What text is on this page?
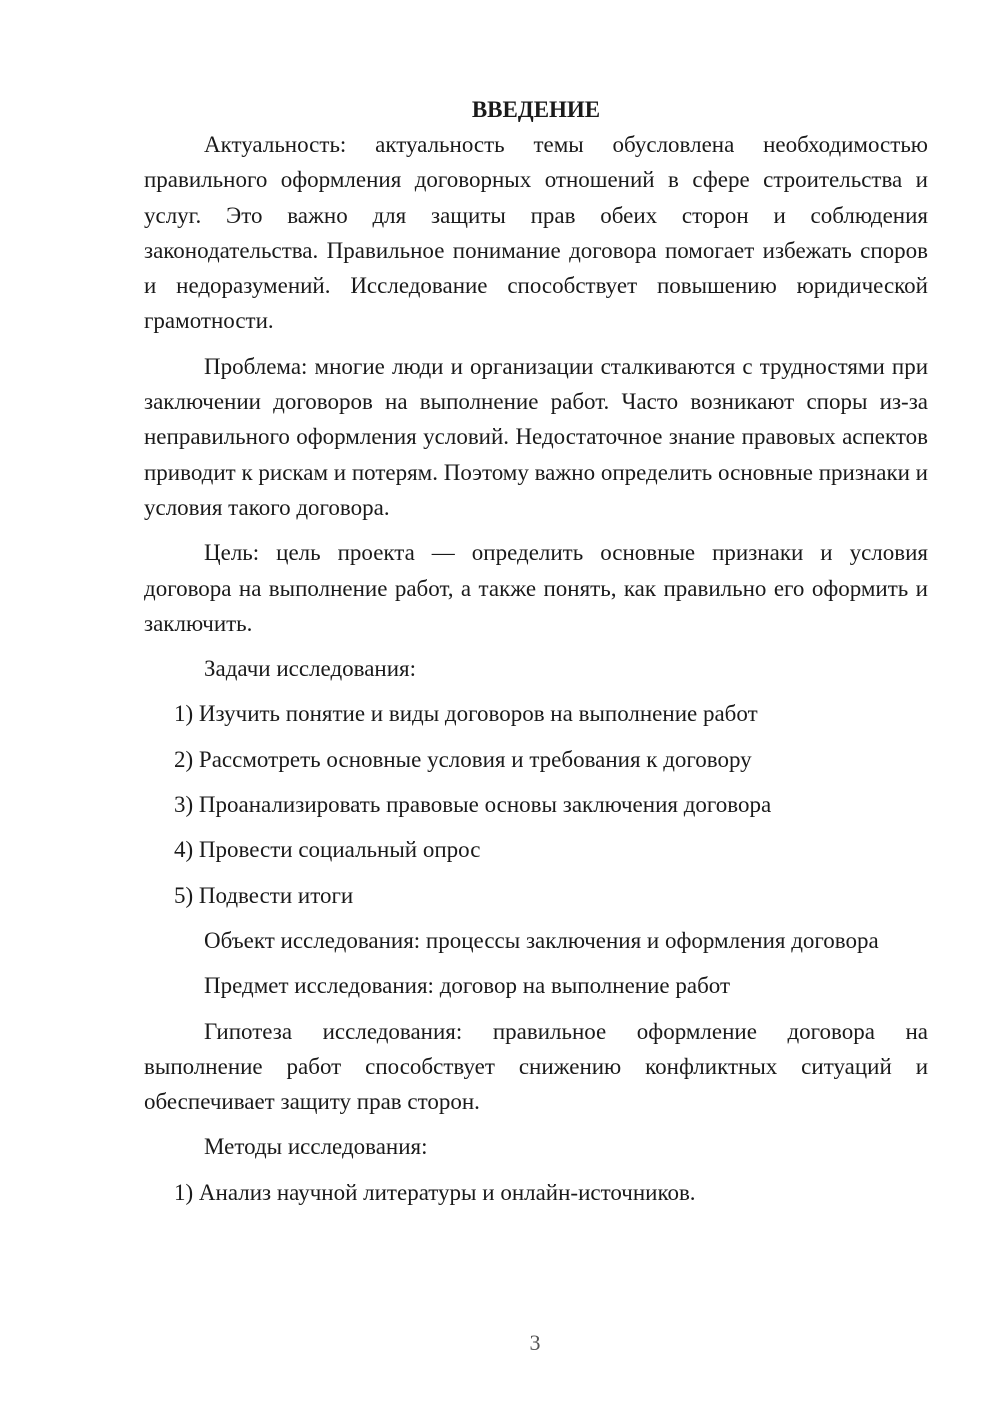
ВВЕДЕНИЕ

Актуальность: актуальность темы обусловлена необходимостью правильного оформления договорных отношений в сфере строительства и услуг. Это важно для защиты прав обеих сторон и соблюдения законодательства. Правильное понимание договора помогает избежать споров и недоразумений. Исследование способствует повышению юридической грамотности.

Проблема: многие люди и организации сталкиваются с трудностями при заключении договоров на выполнение работ. Часто возникают споры из-за неправильного оформления условий. Недостаточное знание правовых аспектов приводит к рискам и потерям. Поэтому важно определить основные признаки и условия такого договора.

Цель: цель проекта — определить основные признаки и условия договора на выполнение работ, а также понять, как правильно его оформить и заключить.

Задачи исследования:

1) Изучить понятие и виды договоров на выполнение работ
2) Рассмотреть основные условия и требования к договору
3) Проанализировать правовые основы заключения договора
4) Провести социальный опрос
5) Подвести итоги

Объект исследования: процессы заключения и оформления договора

Предмет исследования: договор на выполнение работ

Гипотеза исследования: правильное оформление договора на выполнение работ способствует снижению конфликтных ситуаций и обеспечивает защиту прав сторон.

Методы исследования:

1) Анализ научной литературы и онлайн-источников.
3
